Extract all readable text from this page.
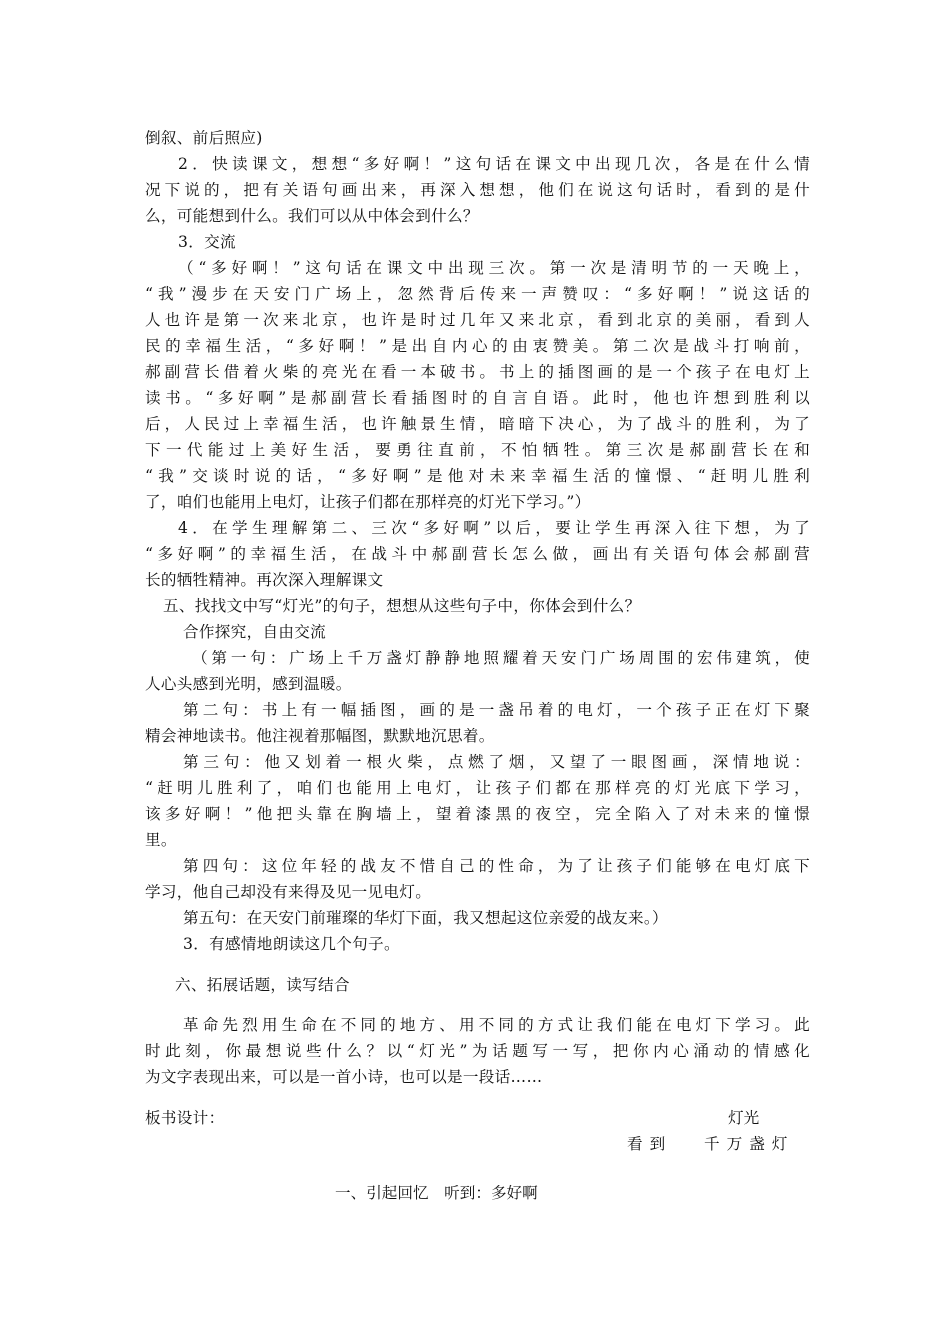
倒叙、前后照应)
2．快读课文，想想“多好啊！”这句话在课文中出现几次，各是在什么情
况下说的，把有关语句画出来，再深入想想，他们在说这句话时，看到的是什
么，可能想到什么。我们可以从中体会到什么？
3．交流
（“多好啊！”这句话在课文中出现三次。第一次是清明节的一天晚上，
“我”漫步在天安门广场上，忽然背后传来一声赞叹：“多好啊！”说这话的
人也许是第一次来北京，也许是时过几年又来北京，看到北京的美丽，看到人
民的幸福生活，“多好啊！”是出自内心的由衷赞美。第二次是战斗打响前，
郝副营长借着火柴的亮光在看一本破书。书上的插图画的是一个孩子在电灯上
读书。“多好啊”是郝副营长看插图时的自言自语。此时，他也许想到胜利以
后，人民过上幸福生活，也许触景生情，暗暗下决心，为了战斗的胜利，为了
下一代能过上美好生活，要勇往直前，不怕牺牲。第三次是郝副营长在和
“我”交谈时说的话，“多好啊”是他对未来幸福生活的憧憬、“赶明儿胜利
了，咱们也能用上电灯，让孩子们都在那样亮的灯光下学习。”）
4．在学生理解第二、三次“多好啊”以后，要让学生再深入往下想，为了
“多好啊”的幸福生活，在战斗中郝副营长怎么做，画出有关语句体会郝副营
长的牺牲精神。再次深入理解课文
五、找找文中写“灯光”的句子，想想从这些句子中，你体会到什么？
合作探究，自由交流
（第一句：广场上千万盏灯静静地照耀着天安门广场周围的宏伟建筑，使
人心头感到光明，感到温暖。
第二句：书上有一幅插图，画的是一盏吊着的电灯，一个孩子正在灯下聚
精会神地读书。他注视着那幅图，默默地沉思着。
第三句：他又划着一根火柴，点燃了烟，又望了一眼图画，深情地说：
“赶明儿胜利了，咱们也能用上电灯，让孩子们都在那样亮的灯光底下学习，
该多好啊！”他把头靠在胸墙上，望着漆黑的夜空，完全陷入了对未来的憧憬
里。
第四句：这位年轻的战友不惜自己的性命，为了让孩子们能够在电灯底下
学习，他自己却没有来得及见一见电灯。
第五句：在天安门前璀璨的华灯下面，我又想起这位亲爱的战友来。）
3．有感情地朗读这几个句子。
六、拓展话题，读写结合
革命先烈用生命在不同的地方、用不同的方式让我们能在电灯下学习。此
时此刻，你最想说些什么？以“灯光”为话题写一写，把你内心涌动的情感化
为文字表现出来，可以是一首小诗，也可以是一段话……
板书设计：	灯光
看到 千万盏灯
一、引起回忆　听到：多好啊
